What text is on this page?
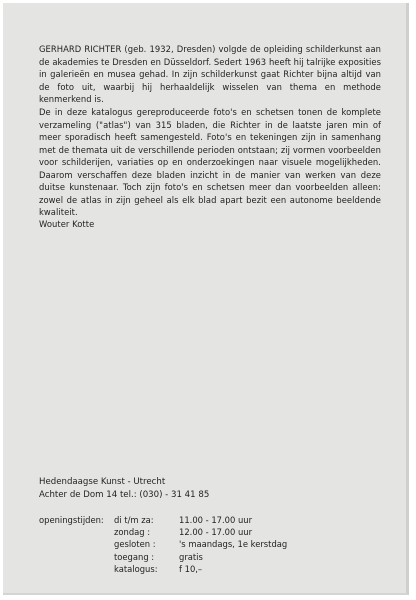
GERHARD RICHTER (geb. 1932, Dresden) volgde de opleiding schilderkunst aan de akademies te Dresden en Düsseldorf. Sedert 1963 heeft hij talrijke exposities in galerieën en musea gehad. In zijn schilderkunst gaat Richter bijna altijd van de foto uit, waarbij hij herhaaldelijk wisselen van thema en methode kenmerkend is.

De in deze katalogus gereproduceerde foto's en schetsen tonen de komplete verzameling ("atlas") van 315 bladen, die Richter in de laatste jaren min of meer sporadisch heeft samengesteld. Foto's en tekeningen zijn in samenhang met de themata uit de verschillende perioden ontstaan; zij vormen voorbeelden voor schilderijen, variaties op en onderzoekingen naar visuele mogelijkheden. Daarom verschaffen deze bladen inzicht in de manier van werken van deze duitse kunstenaar. Toch zijn foto's en schetsen meer dan voorbeelden alleen: zowel de atlas in zijn geheel als elk blad apart bezit een autonome beeldende kwaliteit.

Wouter Kotte

Hedendaagse Kunst - Utrecht
Achter de Dom 14 tel.: (030) - 31 41 85
openingstijden: di t/m za:	11.00 - 17.00 uur
zondag :	12.00 - 17.00 uur
gesloten :	's maandags, 1e kerstdag
toegang :	gratis
katalogus:	f 10,–
